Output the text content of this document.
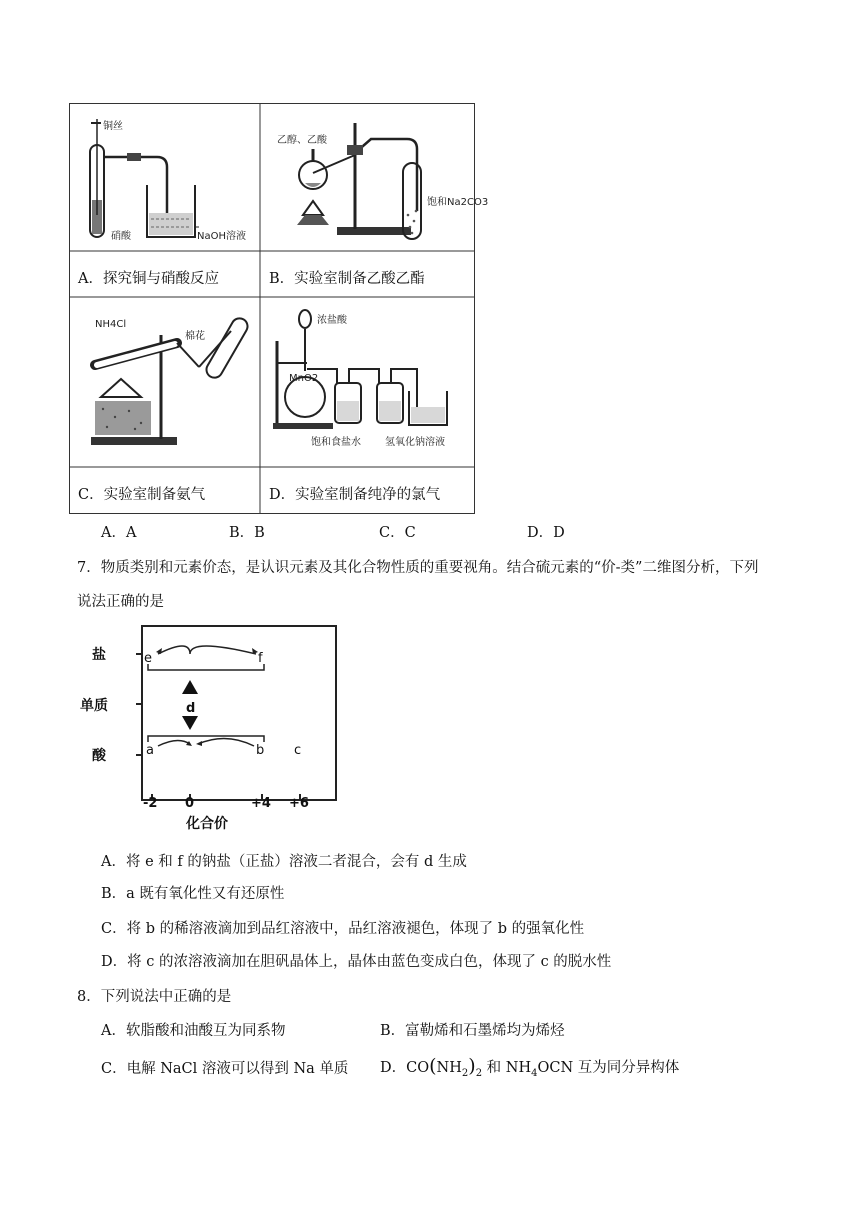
铜丝
硝酸	NaOH溶液
乙醇、乙酸
饱和Na2CO3
NH4Cl
棉花
浓盐酸
MnO2
饱和食盐水 氢氧化钠溶液
A．探究铜与硝酸反应	B．实验室制备乙酸乙酯
C．实验室制备氨气	D．实验室制备纯净的氯气
A．A	B．B	C．C	D．D
7．物质类别和元素价态，是认识元素及其化合物性质的重要视角。结合硫元素的“价-类”二维图分析，下列
说法正确的是
盐
单质
酸
-2 0	+4 +6
化合价
e	f
d
a	b c
A．将 e 和 f 的钠盐（正盐）溶液二者混合，会有 d 生成
B．a 既有氧化性又有还原性
C．将 b 的稀溶液滴加到品红溶液中，品红溶液褪色，体现了 b 的强氧化性
D．将 c 的浓溶液滴加在胆矾晶体上，晶体由蓝色变成白色，体现了 c 的脱水性
8．下列说法中正确的是
A．软脂酸和油酸互为同系物	B．富勒烯和石墨烯均为烯烃
C．电解 NaCl 溶液可以得到 Na 单质 D．$CO(NH_2)_2$ 和 $NH_4OCN$ 互为同分异构体
